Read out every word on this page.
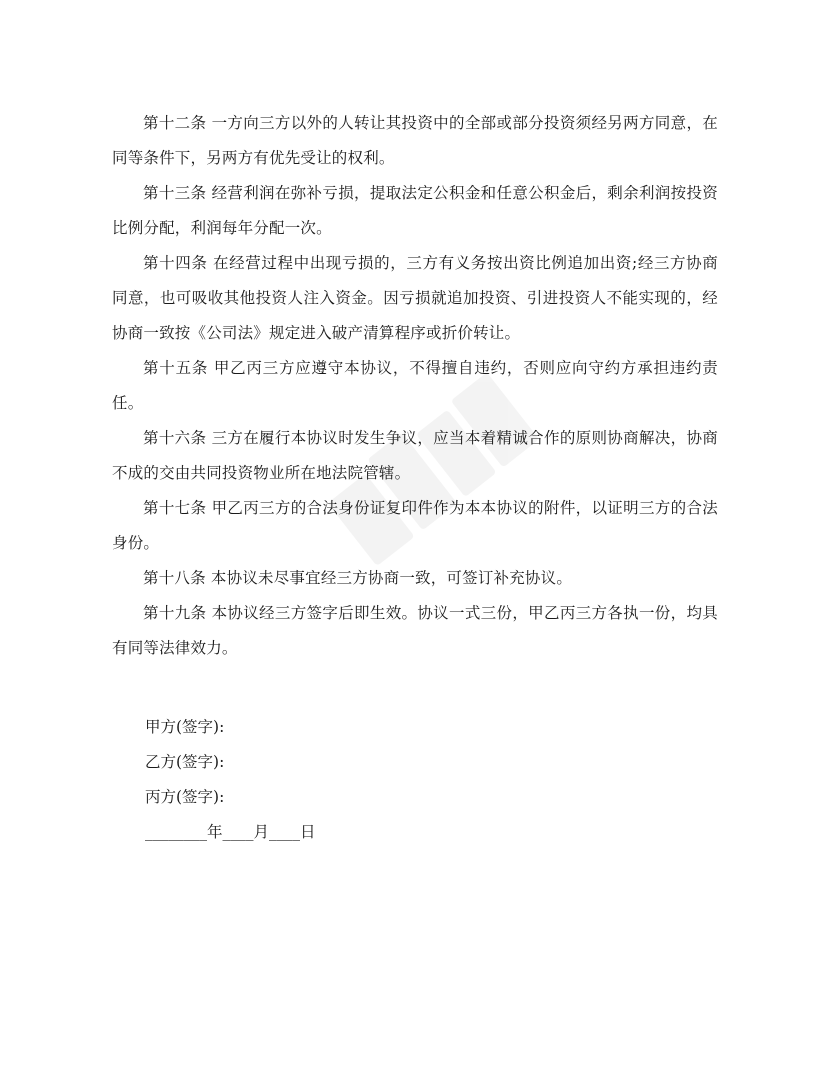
第十二条 一方向三方以外的人转让其投资中的全部或部分投资须经另两方同意，在同等条件下，另两方有优先受让的权利。

第十三条 经营利润在弥补亏损，提取法定公积金和任意公积金后，剩余利润按投资比例分配，利润每年分配一次。

第十四条 在经营过程中出现亏损的，三方有义务按出资比例追加出资;经三方协商同意，也可吸收其他投资人注入资金。因亏损就追加投资、引进投资人不能实现的，经协商一致按《公司法》规定进入破产清算程序或折价转让。

第十五条 甲乙丙三方应遵守本协议，不得擅自违约，否则应向守约方承担违约责任。

第十六条 三方在履行本协议时发生争议，应当本着精诚合作的原则协商解决，协商不成的交由共同投资物业所在地法院管辖。

第十七条 甲乙丙三方的合法身份证复印件作为本本协议的附件，以证明三方的合法身份。

第十八条 本协议未尽事宜经三方协商一致，可签订补充协议。

第十九条 本协议经三方签字后即生效。协议一式三份，甲乙丙三方各执一份，均具有同等法律效力。

甲方(签字):

乙方(签字):

丙方(签字):

________年____月____日
